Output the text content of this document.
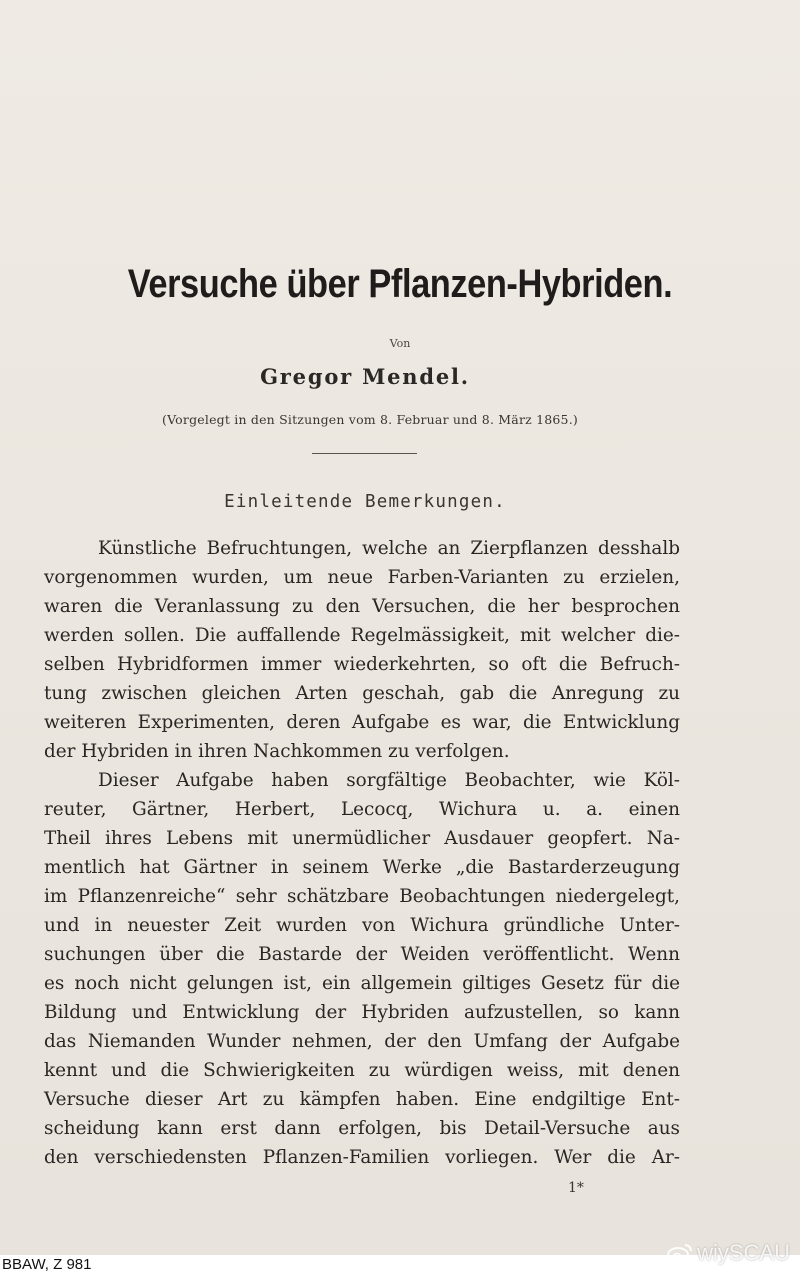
Versuche über Pflanzen-Hybriden.
Von
Gregor Mendel.
(Vorgelegt in den Sitzungen vom 8. Februar und 8. März 1865.)
Einleitende Bemerkungen.
Künstliche Befruchtungen, welche an Zierpflanzen desshalb
vorgenommen wurden, um neue Farben-Varianten zu erzielen,
waren die Veranlassung zu den Versuchen, die her besprochen
werden sollen. Die auffallende Regelmässigkeit, mit welcher die-
selben Hybridformen immer wiederkehrten, so oft die Befruch-
tung zwischen gleichen Arten geschah, gab die Anregung zu
weiteren Experimenten, deren Aufgabe es war, die Entwicklung
der Hybriden in ihren Nachkommen zu verfolgen.
Dieser Aufgabe haben sorgfältige Beobachter, wie Köl-
reuter, Gärtner, Herbert, Lecocq, Wichura u. a. einen
Theil ihres Lebens mit unermüdlicher Ausdauer geopfert. Na-
mentlich hat Gärtner in seinem Werke „die Bastarderzeugung
im Pflanzenreiche“ sehr schätzbare Beobachtungen niedergelegt,
und in neuester Zeit wurden von Wichura gründliche Unter-
suchungen über die Bastarde der Weiden veröffentlicht. Wenn
es noch nicht gelungen ist, ein allgemein giltiges Gesetz für die
Bildung und Entwicklung der Hybriden aufzustellen, so kann
das Niemanden Wunder nehmen, der den Umfang der Aufgabe
kennt und die Schwierigkeiten zu würdigen weiss, mit denen
Versuche dieser Art zu kämpfen haben. Eine endgiltige Ent-
scheidung kann erst dann erfolgen, bis Detail-Versuche aus
den verschiedensten Pflanzen-Familien vorliegen. Wer die Ar-
1*
BBAW, Z 981	wiySCAU
